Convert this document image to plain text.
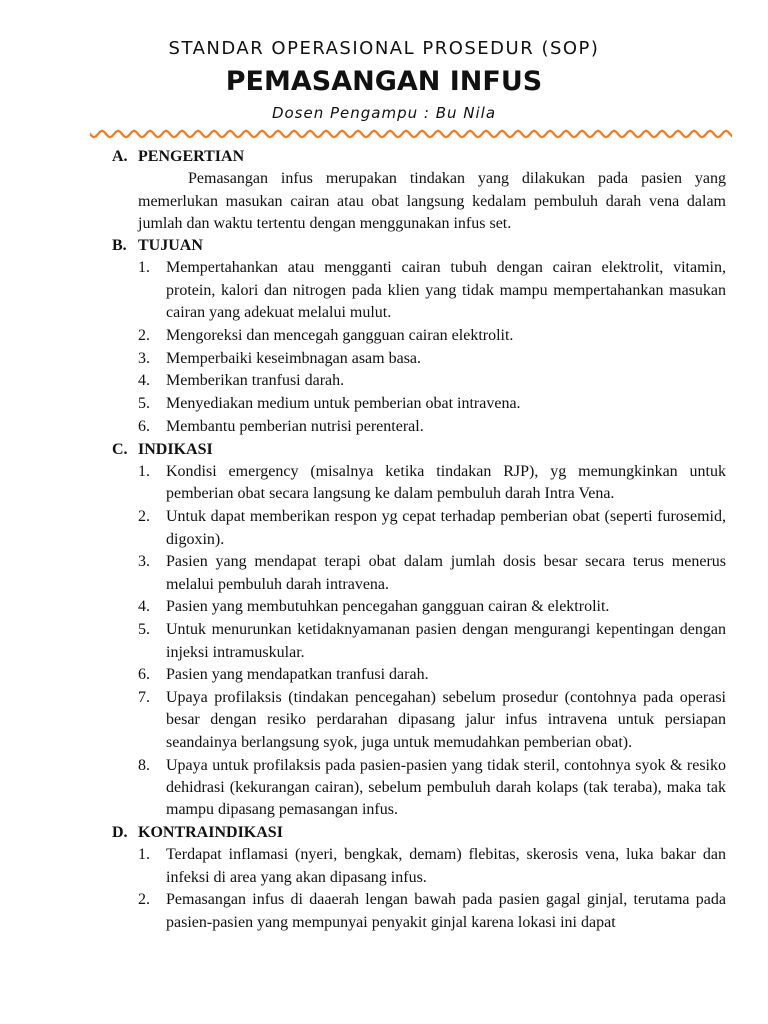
STANDAR OPERASIONAL PROSEDUR (SOP)
PEMASANGAN INFUS
Dosen Pengampu : Bu Nila
A. PENGERTIAN

Pemasangan infus merupakan tindakan yang dilakukan pada pasien yang memerlukan masukan cairan atau obat langsung kedalam pembuluh darah vena dalam jumlah dan waktu tertentu dengan menggunakan infus set.

B. TUJUAN
1.	Mempertahankan atau mengganti cairan tubuh dengan cairan elektrolit, vitamin, protein, kalori dan nitrogen pada klien yang tidak mampu mempertahankan masukan cairan yang adekuat melalui mulut.
2.	Mengoreksi dan mencegah gangguan cairan elektrolit.
3.	Memperbaiki keseimbnagan asam basa.
4.	Memberikan tranfusi darah.
5.	Menyediakan medium untuk pemberian obat intravena.
6.	Membantu pemberian nutrisi perenteral.
C. INDIKASI
1.	Kondisi emergency (misalnya ketika tindakan RJP), yg memungkinkan untuk pemberian obat secara langsung ke dalam pembuluh darah Intra Vena.
2.	Untuk dapat memberikan respon yg cepat terhadap pemberian obat (seperti furosemid, digoxin).
3.	Pasien yang mendapat terapi obat dalam jumlah dosis besar secara terus menerus melalui pembuluh darah intravena.
4.	Pasien yang membutuhkan pencegahan gangguan cairan & elektrolit.
5.	Untuk menurunkan ketidaknyamanan pasien dengan mengurangi kepentingan dengan injeksi intramuskular.
6.	Pasien yang mendapatkan tranfusi darah.
7.	Upaya profilaksis (tindakan pencegahan) sebelum prosedur (contohnya pada operasi besar dengan resiko perdarahan dipasang jalur infus intravena untuk persiapan seandainya berlangsung syok, juga untuk memudahkan pemberian obat).
8.	Upaya untuk profilaksis pada pasien-pasien yang tidak steril, contohnya syok & resiko dehidrasi (kekurangan cairan), sebelum pembuluh darah kolaps (tak teraba), maka tak mampu dipasang pemasangan infus.
D. KONTRAINDIKASI
1.	Terdapat inflamasi (nyeri, bengkak, demam) flebitas, skerosis vena, luka bakar dan infeksi di area yang akan dipasang infus.
2.	Pemasangan infus di daaerah lengan bawah pada pasien gagal ginjal, terutama pada pasien-pasien yang mempunyai penyakit ginjal karena lokasi ini dapat
